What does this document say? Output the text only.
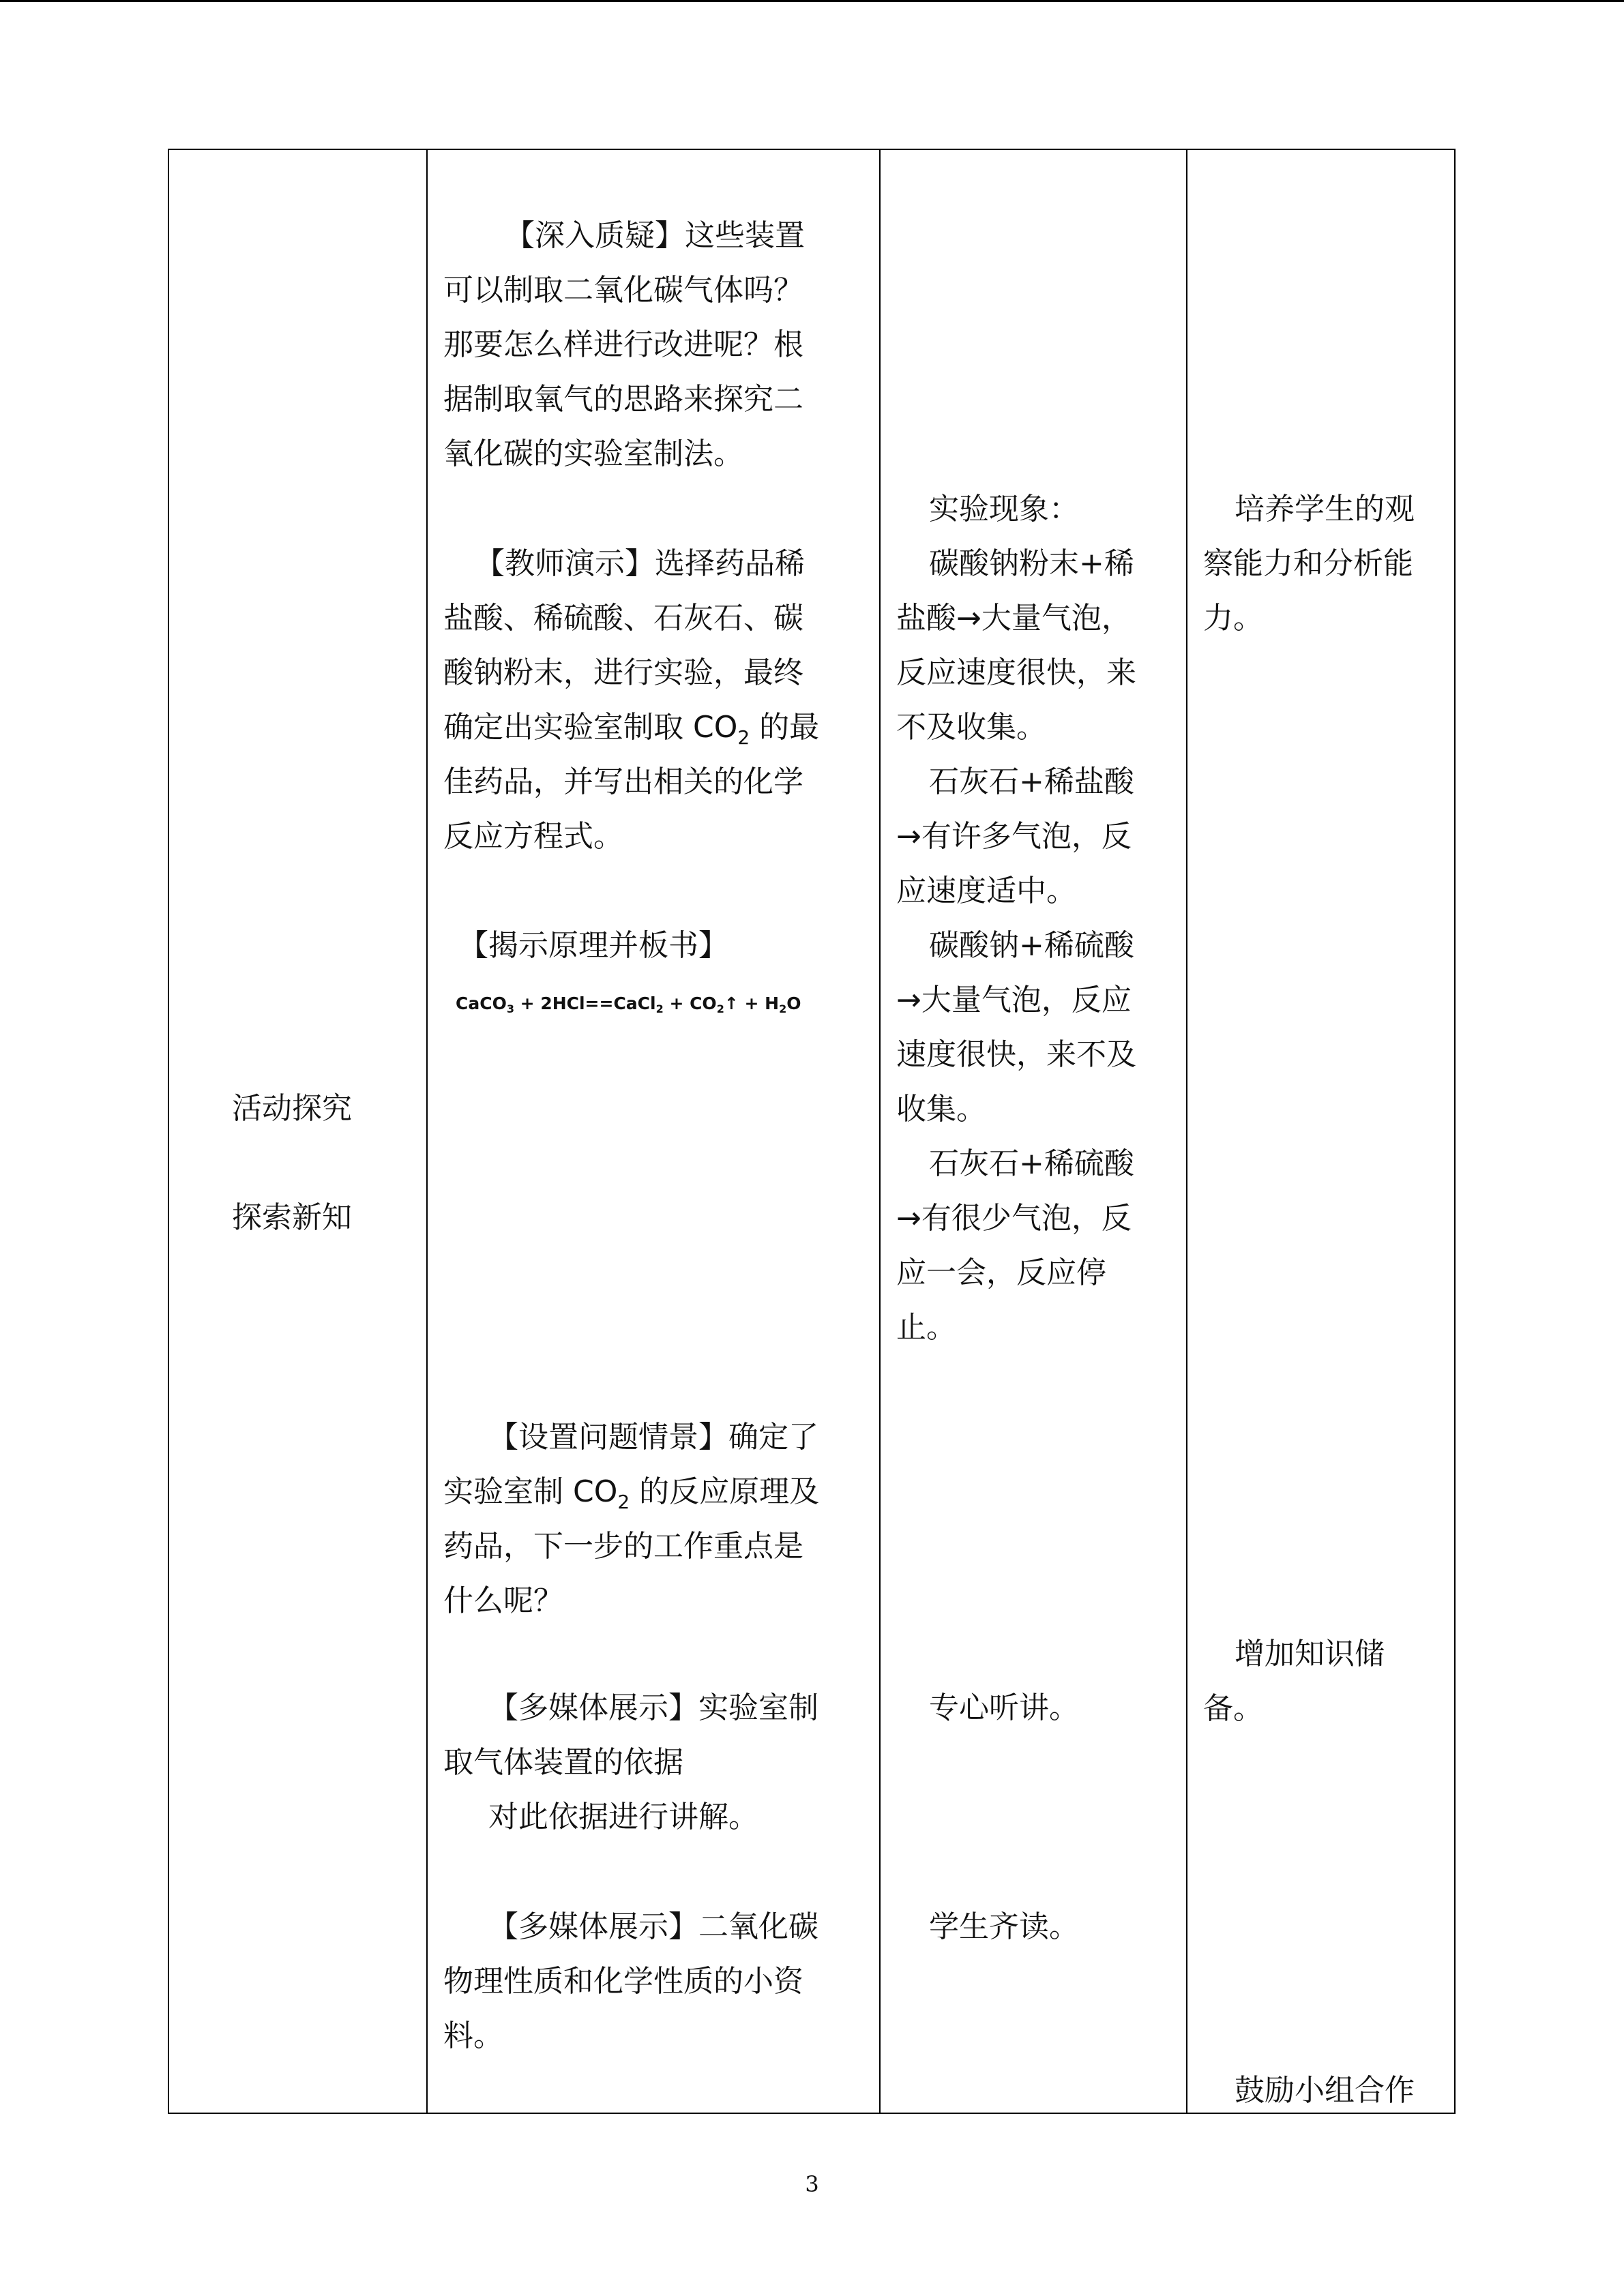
活动探究
探索新知
【深入质疑】这些装置
可以制取二氧化碳气体吗？
那要怎么样进行改进呢？根
据制取氧气的思路来探究二
氧化碳的实验室制法。
【教师演示】选择药品稀
盐酸、稀硫酸、石灰石、碳
酸钠粉末，进行实验，最终
确定出实验室制取 $CO_2$ 的最
佳药品，并写出相关的化学
反应方程式。
【揭示原理并板书】
CaCO$_3$ + 2HCl==CaCl$_2$ + $CO_2↑ + H_2O$
【设置问题情景】确定了
实验室制 $CO_2$ 的反应原理及
药品，下一步的工作重点是
什么呢？
【多媒体展示】实验室制
取气体装置的依据
对此依据进行讲解。
【多媒体展示】二氧化碳
物理性质和化学性质的小资
料。
实验现象：
碳酸钠粉末+稀
盐酸→大量气泡，
反应速度很快，来
不及收集。
石灰石+稀盐酸
→有许多气泡，反
应速度适中。
碳酸钠+稀硫酸
→大量气泡，反应
速度很快，来不及
收集。
石灰石+稀硫酸
→有很少气泡，反
应一会，反应停
止。
专心听讲。
学生齐读。
培养学生的观
察能力和分析能
力。
增加知识储
备。
鼓励小组合作
3
